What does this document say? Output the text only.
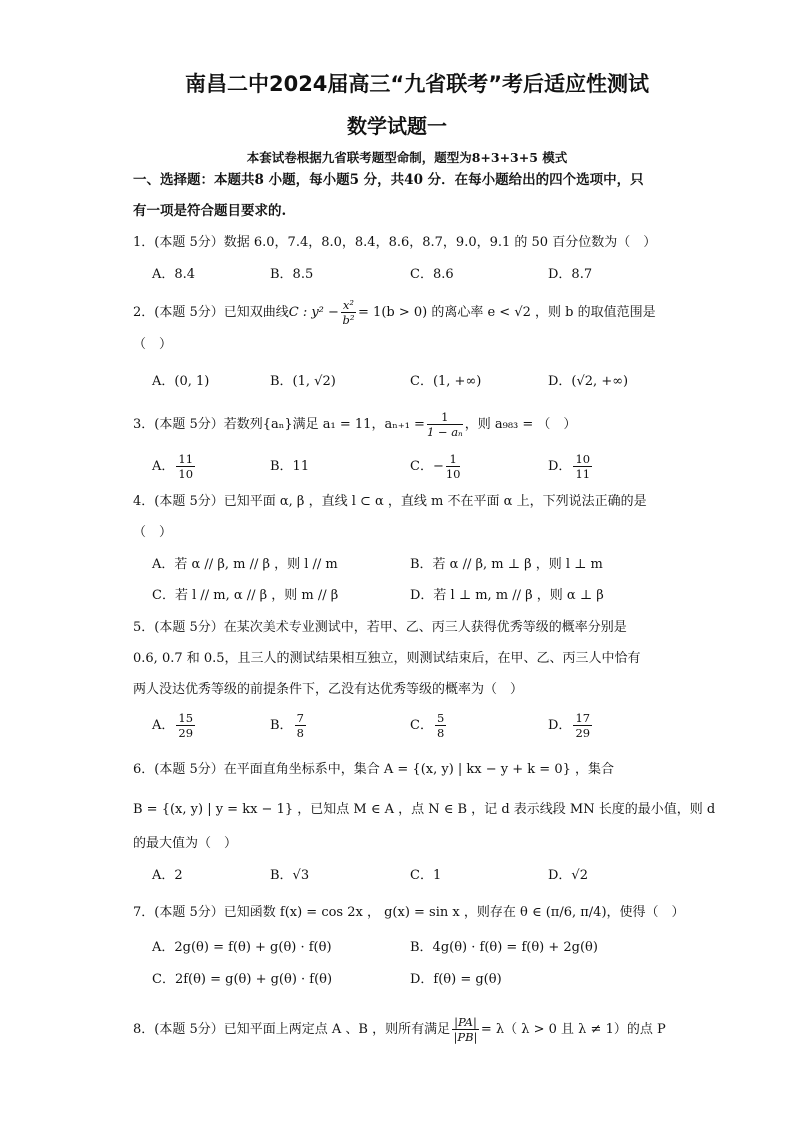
南昌二中2024届高三“九省联考”考后适应性测试
数学试题一
本套试卷根据九省联考题型命制，题型为8+3+3+5 模式
一、选择题：本题共8 小题，每小题5 分，共40 分．在每小题给出的四个选项中，只
有一项是符合题目要求的.
1．(本题 5分）数据 6.0，7.4，8.0，8.4，8.6，8.7，9.0，9.1 的 50 百分位数为（　）
A．8.4	B．8.5	C．8.6	D．8.7
2．(本题 5分）已知双曲线C : $y^2 - \frac{\text{x²}}{\text{b²}} = 1(b > 0)$ 的离心率 e < √2 ，则 b 的取值范围是
（　）
A．(0, 1)	B．(1, √2)	C．(1, +∞)	D．(√2, +∞)
3．(本题 5分）若数列{aₙ}满足 a₁ = 11，$a_{n+1} = \frac{1}{\text{1 − aₙ}}$ ，则 a₉₈₃ = （　）
A． $\frac{11}{10}$	B．11	C．− $\frac{1}{10}$	D． $\frac{10}{11}$
4．(本题 5分）已知平面 α, β ，直线 l ⊂ α ，直线 m 不在平面 α 上，下列说法正确的是
（　）
A．若 α // β, m // β ，则 l // m	B．若 α // β, m ⊥ β ，则 l ⊥ m
C．若 l // m, α // β ，则 m // β	D．若 l ⊥ m, m // β ，则 α ⊥ β
5．(本题 5分）在某次美术专业测试中，若甲、乙、丙三人获得优秀等级的概率分别是
0.6, 0.7 和 0.5，且三人的测试结果相互独立，则测试结束后，在甲、乙、丙三人中恰有
两人没达优秀等级的前提条件下，乙没有达优秀等级的概率为（　）
A． $\frac{15}{29}$	B． $\frac{7}{8}$	C． $\frac{5}{8}$	D． $\frac{17}{29}$
6．(本题 5分）在平面直角坐标系中，集合 A = {(x, y) | kx − y + k = 0} ，集合
B = {(x, y) | y = kx − 1} ，已知点 M ∈ A ，点 N ∈ B ，记 d 表示线段 MN 长度的最小值，则 d
的最大值为（　）
A．2	B．√3	C．1	D．√2
7．(本题 5分）已知函数 f(x) = cos 2x ， g(x) = sin x ，则存在 θ ∈ (π/6, π/4)，使得（　）
A．2g(θ) = f(θ) + g(θ) · f(θ)	B．4g(θ) · f(θ) = f(θ) + 2g(θ)
C．2f(θ) = g(θ) + g(θ) · f(θ)	D．f(θ) = g(θ)
8．(本题 5分）已知平面上两定点 A 、B ，则所有满足 $\frac{|PA|}{|PB|} = \lambda$（ λ > 0 且 λ ≠ 1）的点 P
